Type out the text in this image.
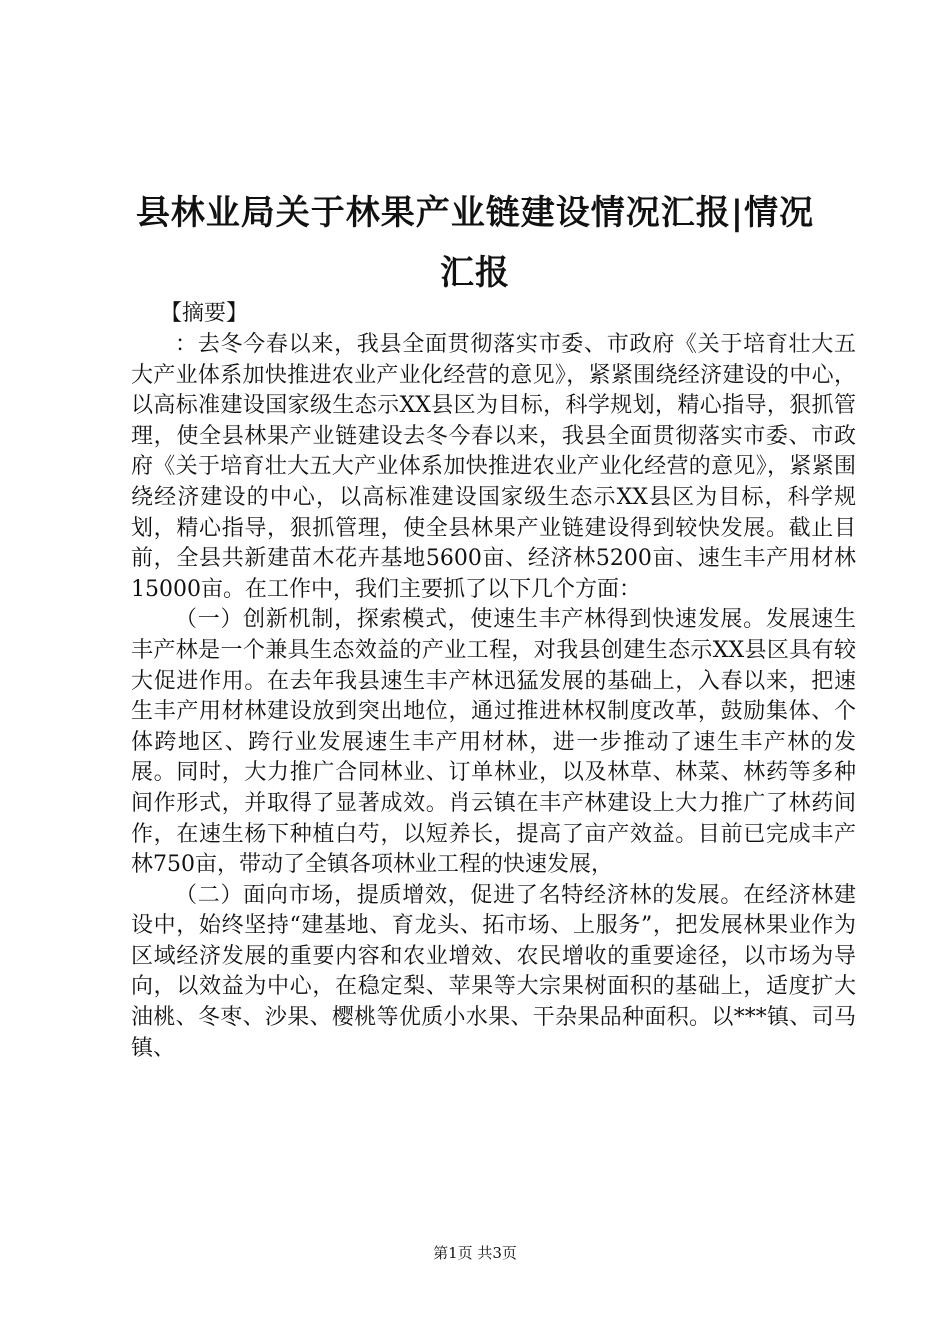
县林业局关于林果产业链建设情况汇报|情况
汇报
【摘要】

：去冬今春以来，我县全面贯彻落实市委、市政府《关于培育壮大五大产业体系加快推进农业产业化经营的意见》，紧紧围绕经济建设的中心，以高标准建设国家级生态示XX县区为目标，科学规划，精心指导，狠抓管理，使全县林果产业链建设去冬今春以来，我县全面贯彻落实市委、市政府《关于培育壮大五大产业体系加快推进农业产业化经营的意见》，紧紧围绕经济建设的中心，以高标准建设国家级生态示XX县区为目标，科学规划，精心指导，狠抓管理，使全县林果产业链建设得到较快发展。截止目前，全县共新建苗木花卉基地5600亩、经济林5200亩、速生丰产用材林15000亩。在工作中，我们主要抓了以下几个方面：

（一）创新机制，探索模式，使速生丰产林得到快速发展。发展速生丰产林是一个兼具生态效益的产业工程，对我县创建生态示XX县区具有较大促进作用。在去年我县速生丰产林迅猛发展的基础上，入春以来，把速生丰产用材林建设放到突出地位，通过推进林权制度改革，鼓励集体、个体跨地区、跨行业发展速生丰产用材林，进一步推动了速生丰产林的发展。同时，大力推广合同林业、订单林业，以及林草、林菜、林药等多种间作形式，并取得了显著成效。肖云镇在丰产林建设上大力推广了林药间作，在速生杨下种植白芍，以短养长，提高了亩产效益。目前已完成丰产林750亩，带动了全镇各项林业工程的快速发展，

（二）面向市场，提质增效，促进了名特经济林的发展。在经济林建设中，始终坚持“建基地、育龙头、拓市场、上服务”，把发展林果业作为区域经济发展的重要内容和农业增效、农民增收的重要途径，以市场为导向，以效益为中心，在稳定梨、苹果等大宗果树面积的基础上，适度扩大油桃、冬枣、沙果、樱桃等优质小水果、干杂果品种面积。以***镇、司马镇、

第1页 共3页
